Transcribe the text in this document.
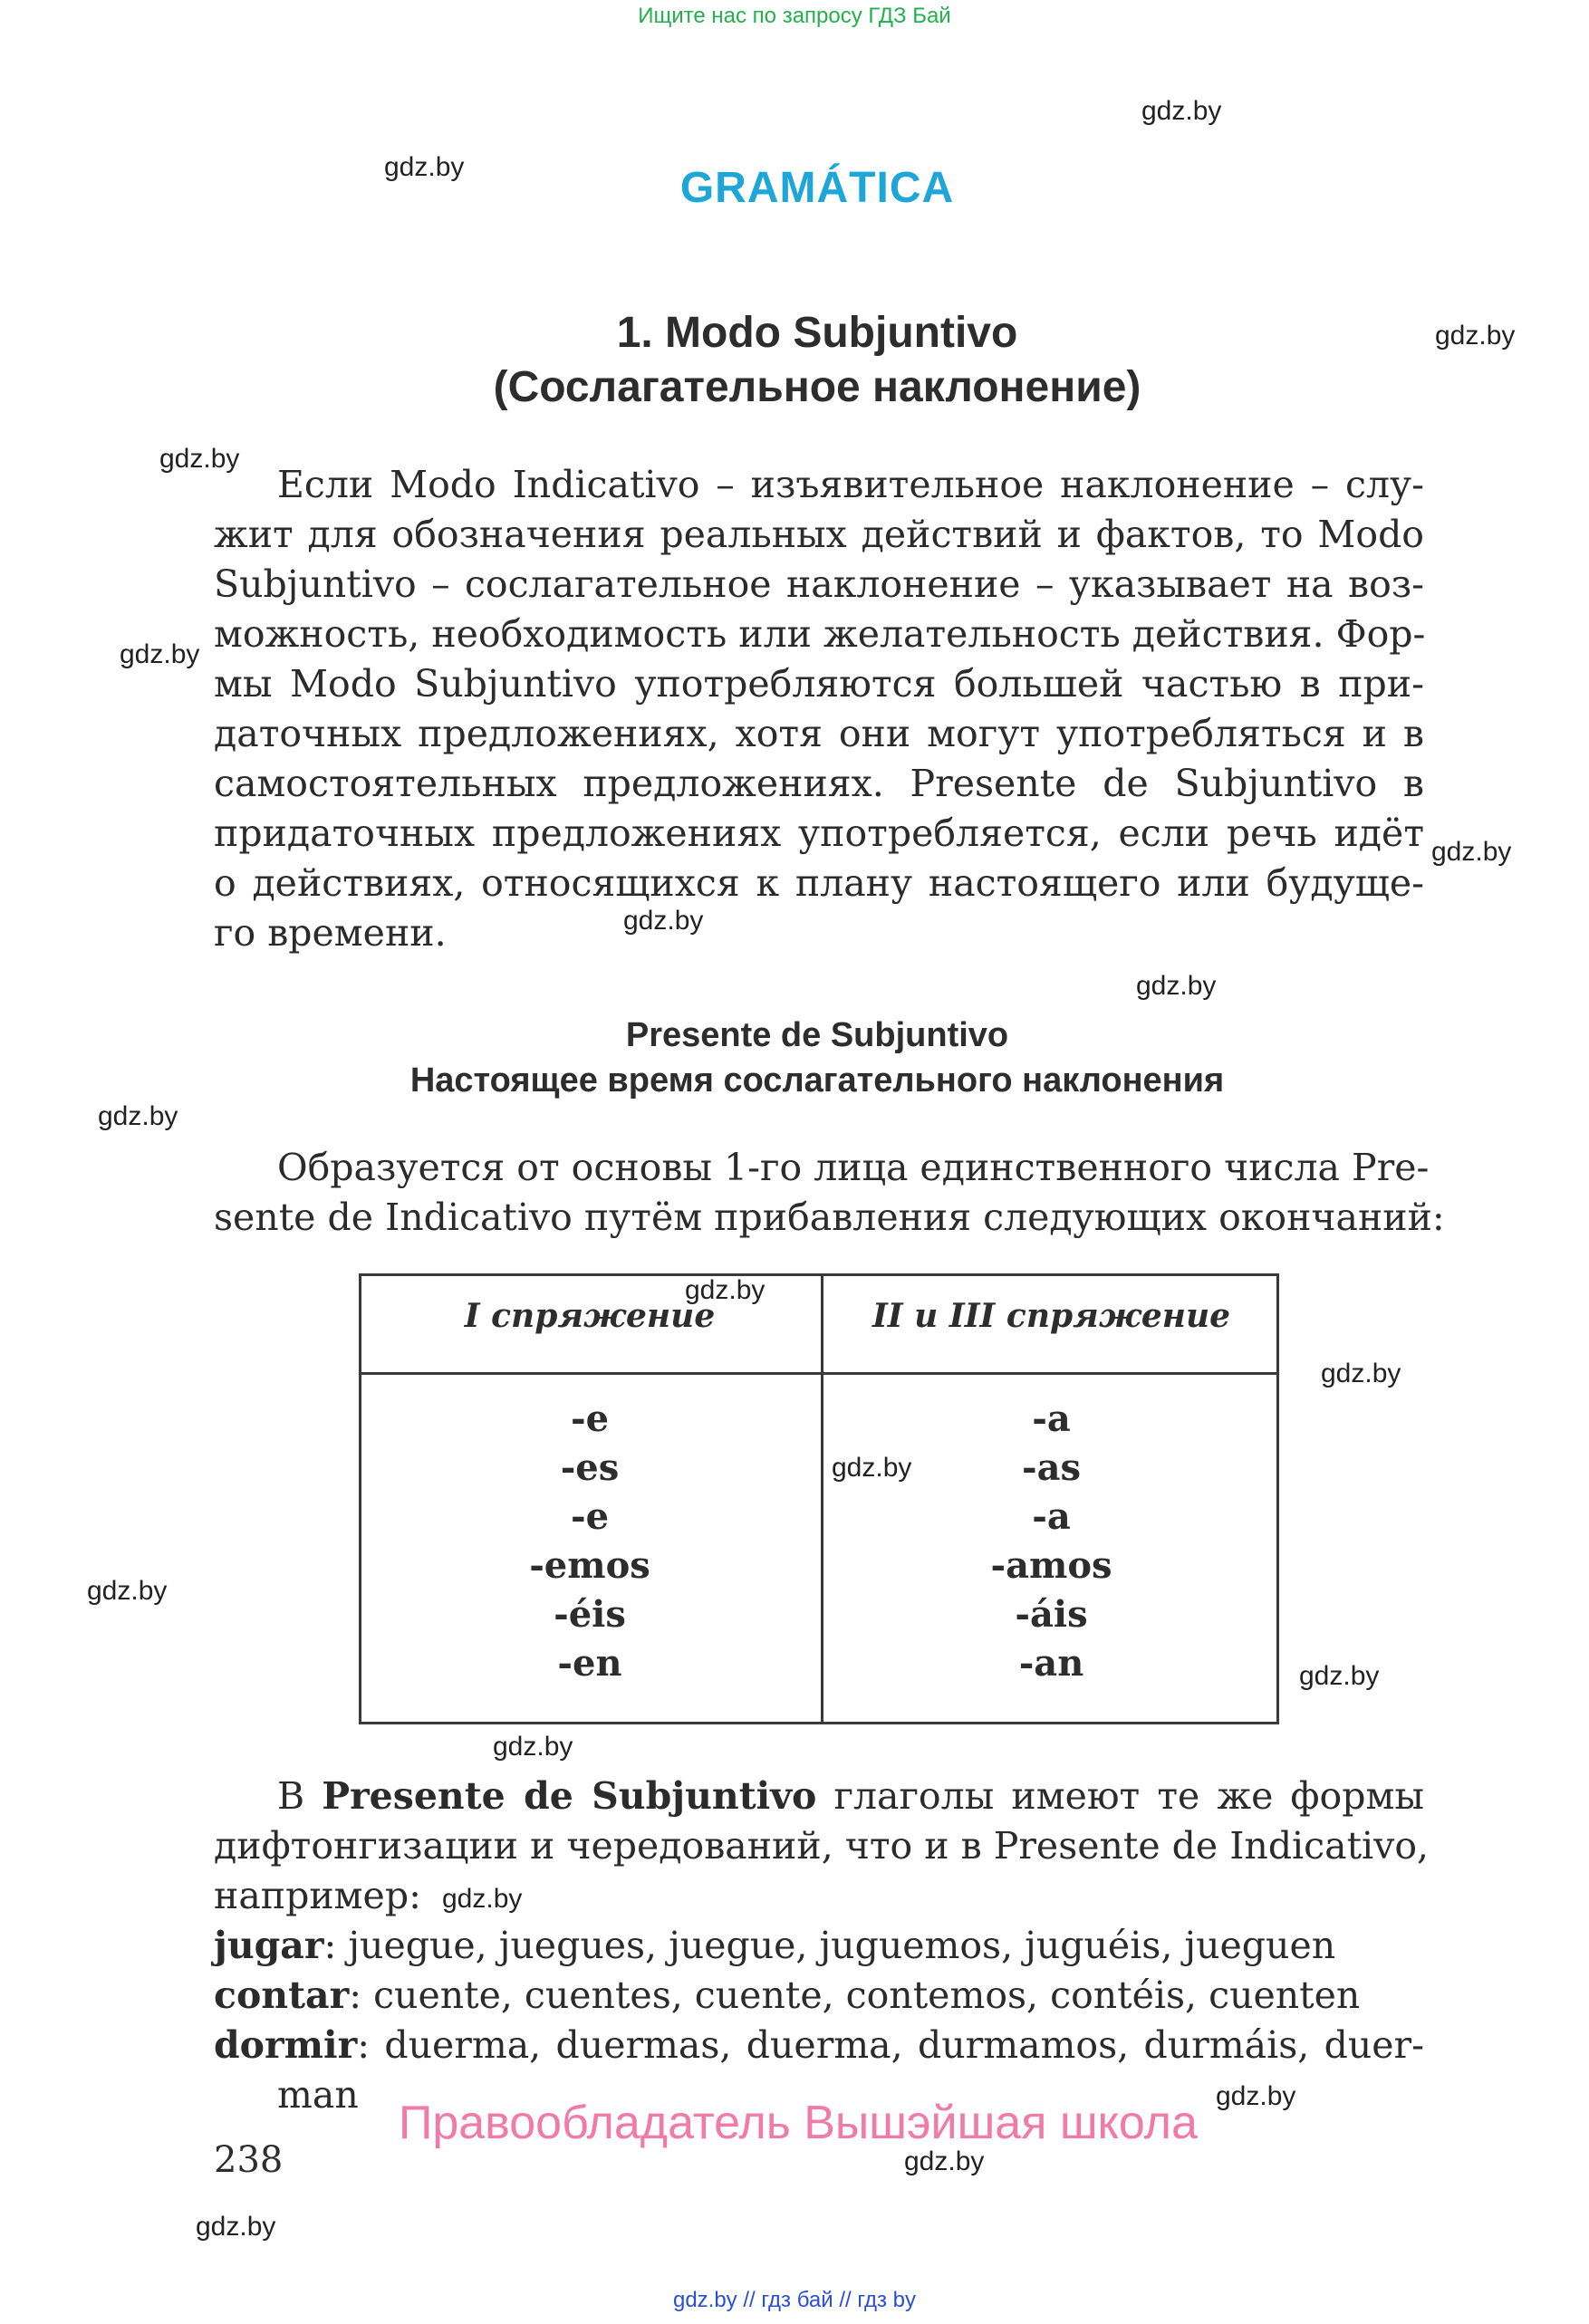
Ищите нас по запросу ГДЗ Бай
gdz.by
gdz.by
gdz.by
gdz.by
gdz.by
gdz.by
gdz.by
gdz.by
gdz.by
gdz.by
gdz.by
gdz.by
gdz.by
gdz.by
gdz.by
gdz.by
gdz.by
gdz.by
gdz.by
GRAMÁTICA
1. Modo Subjuntivo
(Сослагательное наклонение)
Если Modo Indicativo – изъявительное наклонение – слу-
жит для обозначения реальных действий и фактов, то Modo
Subjuntivo – сослагательное наклонение – указывает на воз-
можность, необходимость или желательность действия. Фор-
мы Modo Subjuntivo употребляются большей частью в при-
даточных предложениях, хотя они могут употребляться и в
самостоятельных предложениях. Presente de Subjuntivo в
придаточных предложениях употребляется, если речь идёт
о действиях, относящихся к плану настоящего или будуще-
го времени.
Presente de Subjuntivo
Настоящее время сослагательного наклонения
Образуется от основы 1-го лица единственного числа Pre-
sente de Indicativo путём прибавления следующих окончаний:
I спряжение	II и III спряжение
-e
-es
-e
-emos
-éis
-en
-a
-as
-a
-amos
-áis
-an
В Presente de Subjuntivo глаголы имеют те же формы
дифтонгизации и чередований, что и в Presente de Indicativo,
например:
jugar: juegue, juegues, juegue, juguemos, juguéis, jueguen
contar: cuente, cuentes, cuente, contemos, contéis, cuenten
dormir: duerma, duermas, duerma, durmamos, durmáis, duer-
man
Правообладатель Вышэйшая школа
238
gdz.by // гдз бай // гдз by
